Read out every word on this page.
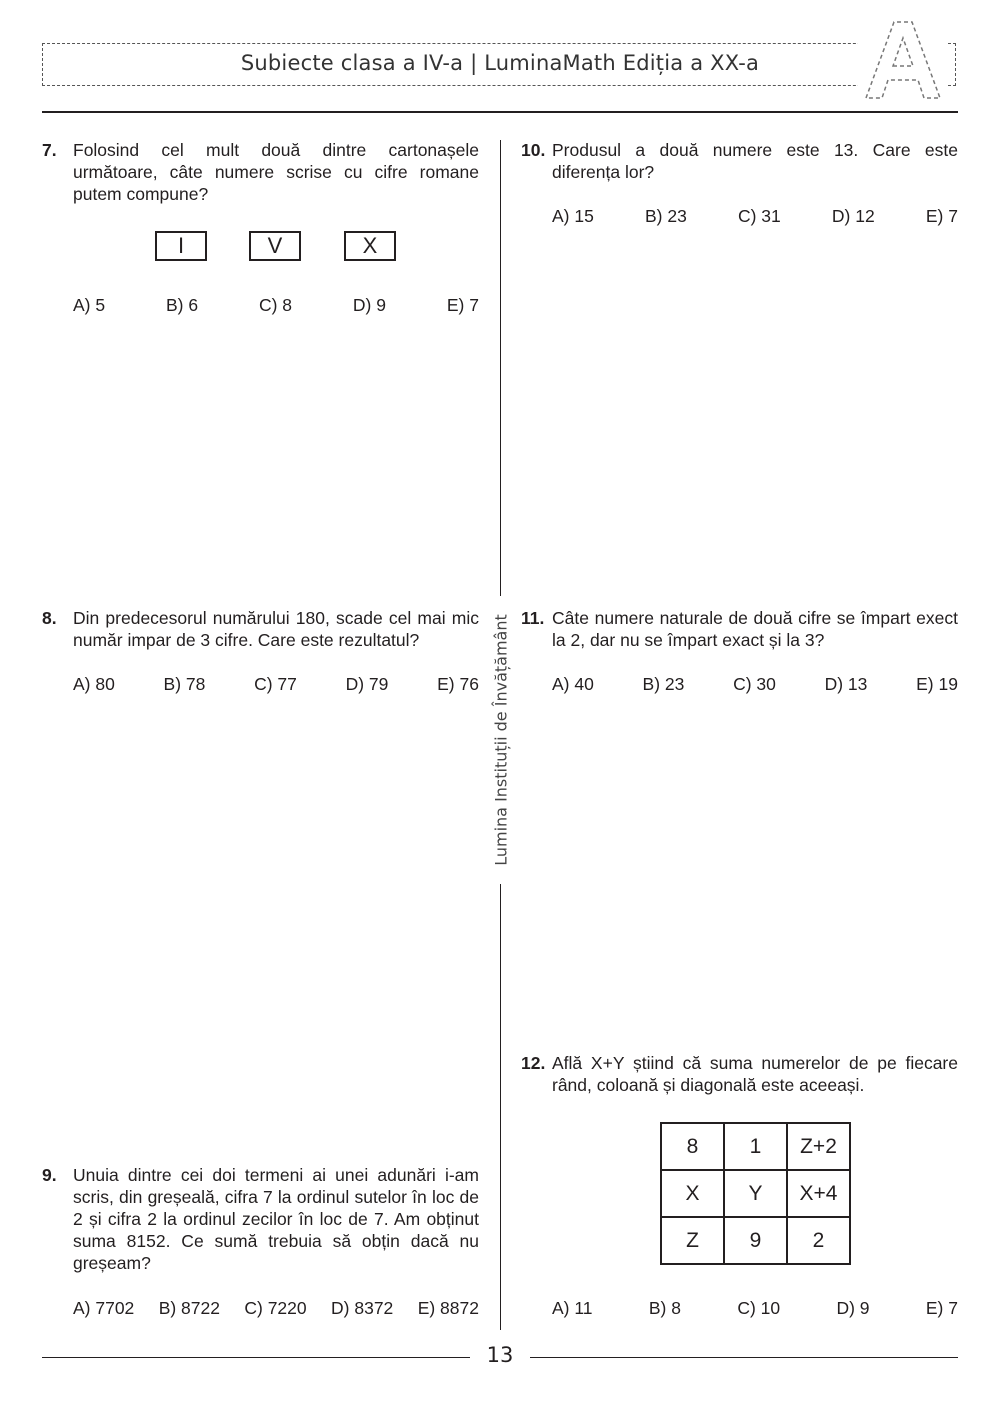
Subiecte clasa a IV-a | LuminaMath Ediția a XX-a
Lumina Instituții de Învățământ
7. Folosind cel mult două dintre cartonașele următoare, câte numere scrise cu cifre romane putem compune?
I	V	X
A) 5	B) 6	C) 8	D) 9	E) 7
8. Din predecesorul numărului 180, scade cel mai mic număr impar de 3 cifre. Care este rezultatul?
A) 80	B) 78	C) 77	D) 79	E) 76
9. Unuia dintre cei doi termeni ai unei adunări i-am scris, din greșeală, cifra 7 la ordinul sutelor în loc de 2 și cifra 2 la ordinul zecilor în loc de 7. Am obținut suma 8152. Ce sumă trebuia să obțin dacă nu greșeam?
A) 7702 B) 8722 C) 7220 D) 8372 E) 8872
10. Produsul a două numere este 13. Care este diferența lor?
A) 15	B) 23	C) 31	D) 12	E) 7
11. Câte numere naturale de două cifre se împart exect la 2, dar nu se împart exact și la 3?
A) 40	B) 23	C) 30	D) 13	E) 19
12. Află X+Y știind că suma numerelor de pe fiecare rând, coloană și diagonală este aceeași.
8	1	Z+2
X	Y	X+4
Z	9	2
A) 11	B) 8	C) 10	D) 9	E) 7
13
